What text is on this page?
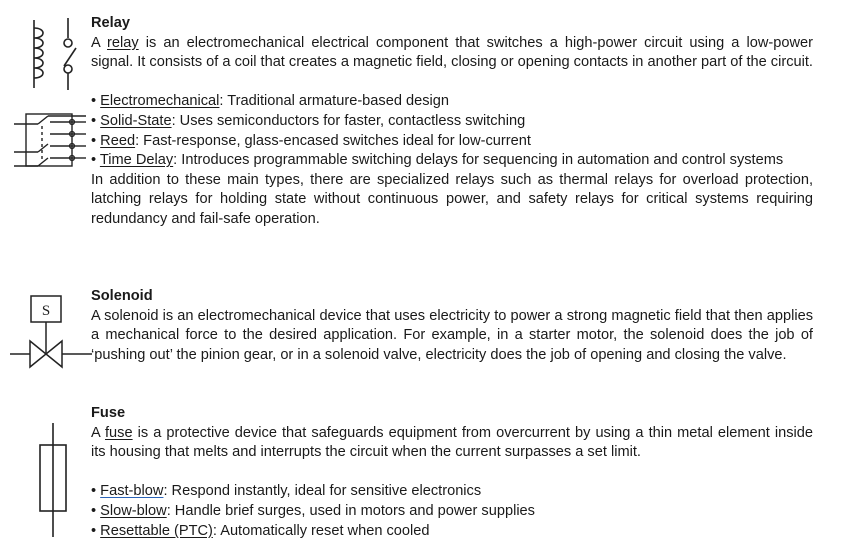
S
Relay

A relay is an electromechanical electrical component that switches a high-power circuit using a low-power signal. It consists of a coil that creates a magnetic field, closing or opening contacts in another part of the circuit.

• Electromechanical: Traditional armature-based design

• Solid-State: Uses semiconductors for faster, contactless switching

• Reed: Fast-response, glass-encased switches ideal for low-current

• Time Delay: Introduces programmable switching delays for sequencing in automation and control systems

In addition to these main types, there are specialized relays such as thermal relays for overload protection, latching relays for holding state without continuous power, and safety relays for critical systems requiring redundancy and fail-safe operation.

Solenoid

A solenoid is an electromechanical device that uses electricity to power a strong magnetic field that then applies a mechanical force to the desired application. For example, in a starter motor, the solenoid does the job of ‘pushing out’ the pinion gear, or in a solenoid valve, electricity does the job of opening and closing the valve.

Fuse

A fuse is a protective device that safeguards equipment from overcurrent by using a thin metal element inside its housing that melts and interrupts the circuit when the current surpasses a set limit.

• Fast-blow: Respond instantly, ideal for sensitive electronics

• Slow-blow: Handle brief surges, used in motors and power supplies

• Resettable (PTC): Automatically reset when cooled
